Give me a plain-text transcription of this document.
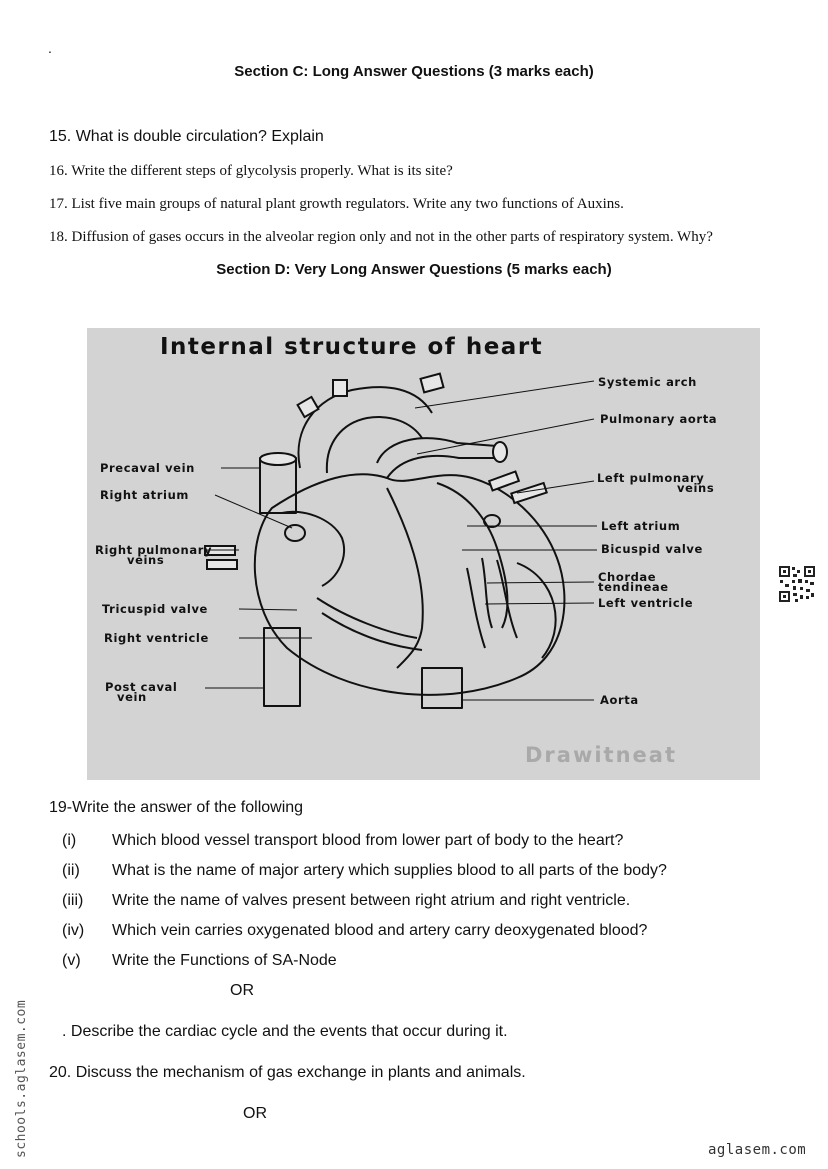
.
Section C: Long Answer Questions (3 marks each)
15. What is double circulation? Explain
16. Write the different steps of glycolysis properly. What is its site?
17. List five main groups of natural plant growth regulators. Write any two functions of Auxins.
18. Diffusion of gases occurs in the alveolar region only and not in the other parts of respiratory system. Why?
Section D: Very Long Answer Questions (5 marks each)
Internal structure of heart
Systemic arch
Pulmonary aorta
Precaval vein
Right atrium
Left pulmonary
veins
Left atrium
Right pulmonary
veins
Bicuspid valve
Chordae
tendineae
Tricuspid valve	Left ventricle
Right ventricle
Post caval
vein	Aorta
Drawitneat
19-Write the answer of the following
(i) Which blood vessel transport blood from lower part of body to the heart?
(ii) What is the name of major artery which supplies blood to all parts of the body?
(iii) Write the name of valves present between right atrium and right ventricle.
(iv) Which vein carries oxygenated blood and artery carry deoxygenated blood?
(v) Write the Functions of SA-Node
OR
. Describe the cardiac cycle and the events that occur during it.
20. Discuss the mechanism of gas exchange in plants and animals.
OR
schools.aglasem.com	aglasem.com
